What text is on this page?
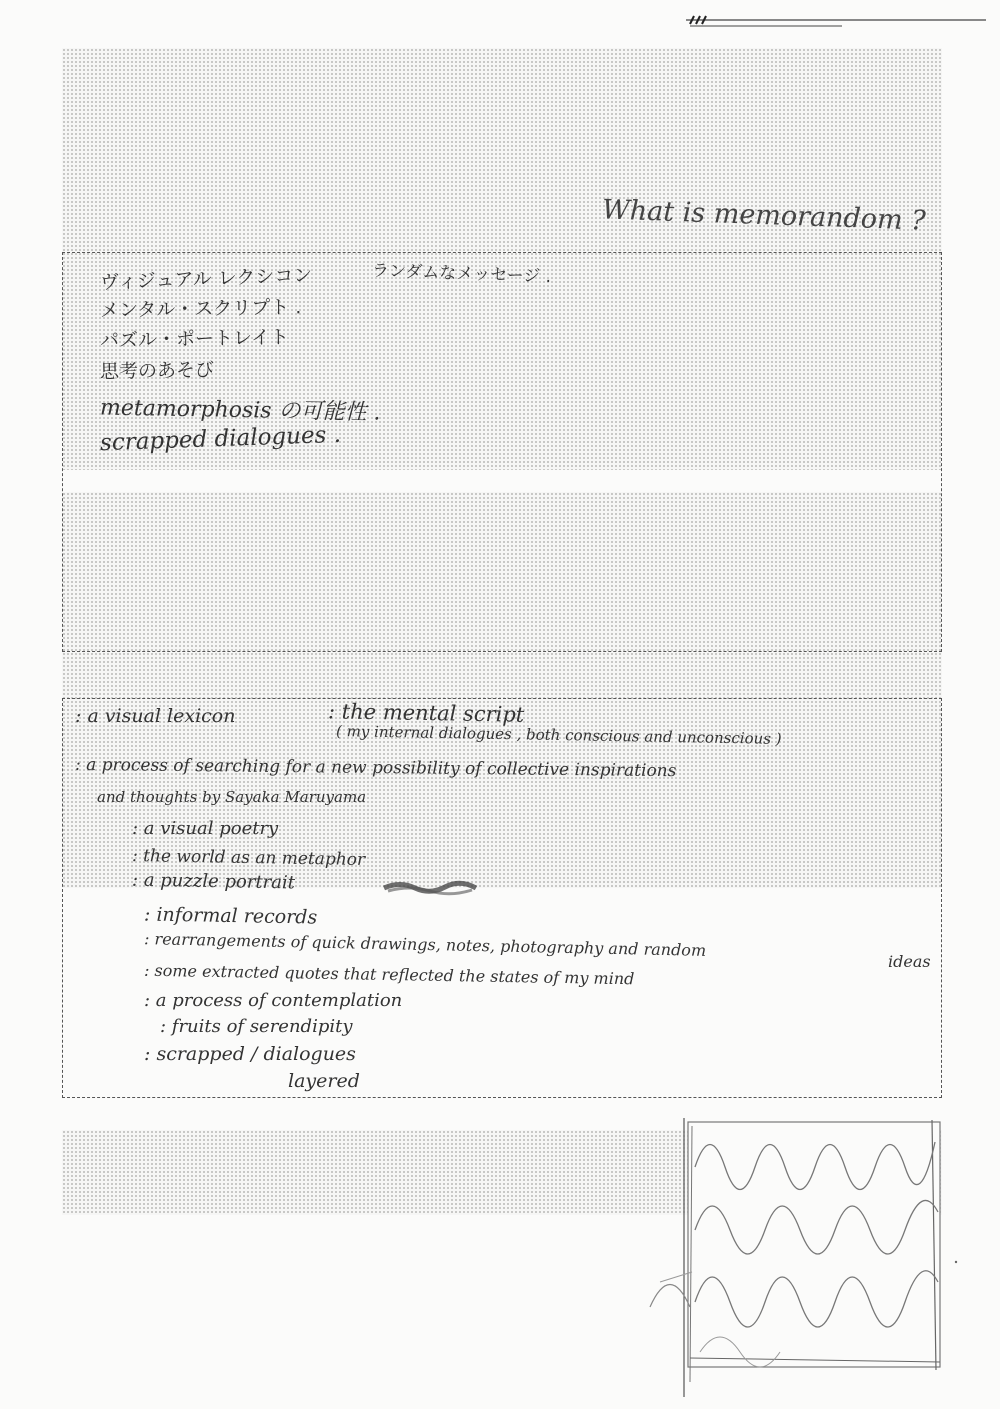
What is memorandom ?
ヴィジュアル レクシコン
メンタル・スクリプト .
パズル・ポートレイト
思考のあそび
metamorphosis の可能性 .
scrapped dialogues .
ランダムなメッセージ .
: a visual lexicon	: the mental script
( my internal dialogues , both conscious and unconscious )
: a process of searching for a new possibility of collective inspirations
and thoughts by Sayaka Maruyama
: a visual poetry
: the world as an metaphor
: a puzzle portrait
: informal records
: rearrangements of quick drawings, notes, photography and random
ideas
: some extracted quotes that reflected the states of my mind
: a process of contemplation
: fruits of serendipity
: scrapped / dialogues
layered
